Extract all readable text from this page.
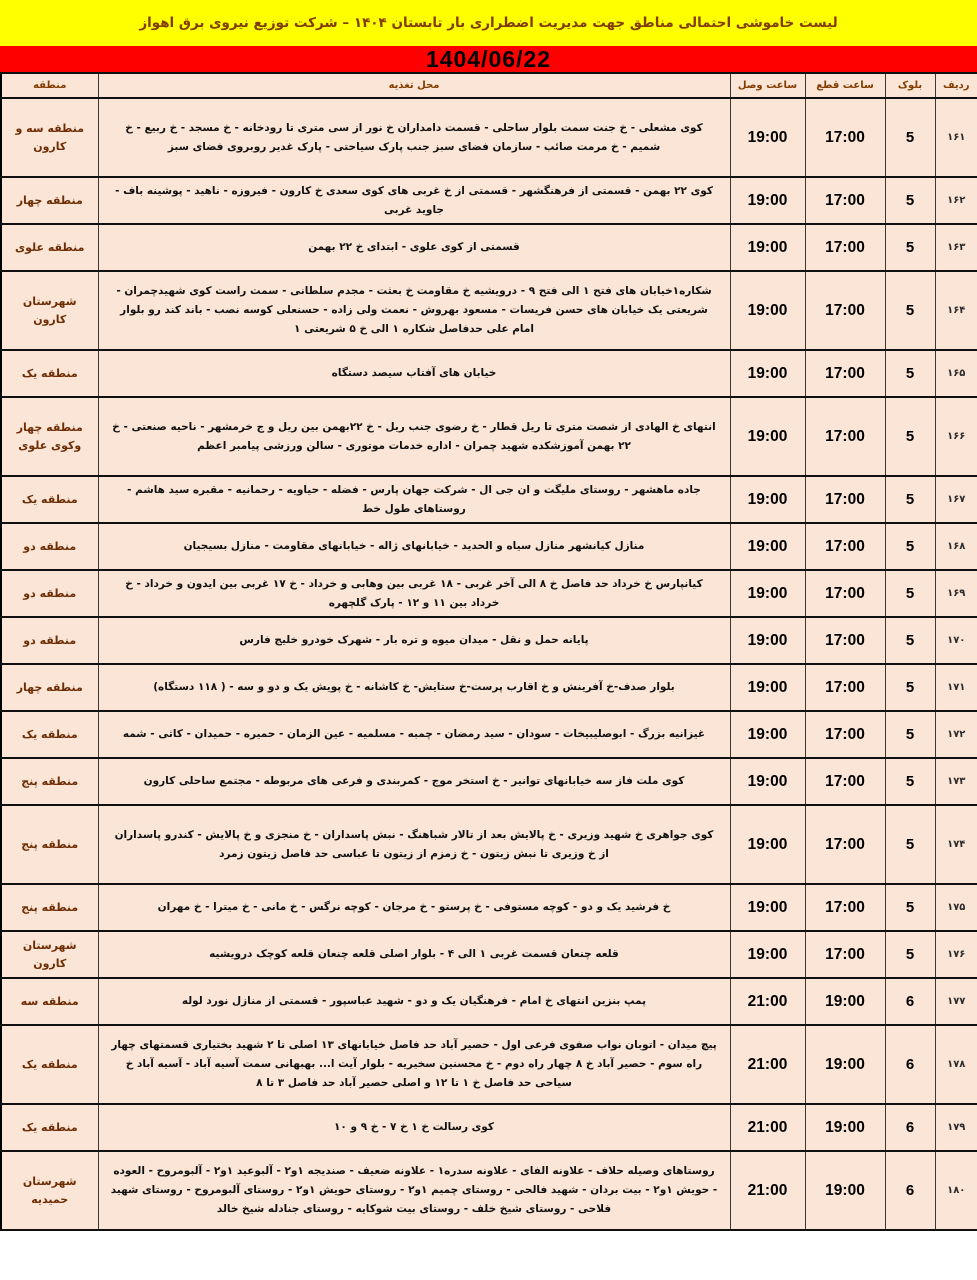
لیست خاموشی احتمالی مناطق جهت مدیریت اضطراری بار تابستان ۱۴۰۴ – شرکت توزیع نیروی برق اهواز
1404/06/22
ردیف	بلوک	ساعت قطع	ساعت وصل	محل تغذیه	منطقه
۱۶۱	5	17:00	19:00	کوی مشعلی - خ جنت سمت بلوار ساحلی - قسمت دامداران خ نور از سی متری تا رودخانه - خ مسجد - خ ربیع - خ شمیم - خ مرمت صائب - سازمان فضای سبز جنب پارک سیاحتی - پارک غدیر روبروی فضای سبز	منطقه سه و کارون
۱۶۲	5	17:00	19:00	کوی ۲۲ بهمن - قسمتی از فرهنگشهر - قسمتی از خ غربی های کوی سعدی خ کارون - فیروزه - ناهید - پوشینه باف - جاوید غربی	منطقه چهار
۱۶۳	5	17:00	19:00	قسمتی از کوی علوی - ابتدای خ ۲۲ بهمن	منطقه علوی
۱۶۴	5	17:00	19:00	شکاره۱خیابان های فتح ۱ الی فتح ۹ - درویشیه خ مقاومت خ بعثت - مجدم سلطانی - سمت راست کوی شهیدچمران - شریعتی یک خیابان های حسن فریسات - مسعود بهروش - نعمت ولی زاده - حسنعلی کوسه نصب - باند کند رو بلوار امام علی حدفاصل شکاره ۱ الی خ ۵ شریعتی ۱	شهرستان کارون
۱۶۵	5	17:00	19:00	خیابان های آفتاب سیصد دستگاه	منطقه یک
۱۶۶	5	17:00	19:00	انتهای خ الهادی از شصت متری تا ریل قطار - خ رضوی جنب ریل - خ ۲۲بهمن بین ریل و ج خرمشهر - ناحیه صنعتی - خ ۲۲ بهمن آموزشکده شهید چمران - اداره خدمات موتوری - سالن ورزشی پیامبر اعظم	منطقه چهار وکوی علوی
۱۶۷	5	17:00	19:00	جاده ماهشهر - روستای ملیگت و ان جی ال - شرکت جهان پارس - فضله - حیاویه - رحمانیه - مقبره سید هاشم - روستاهای طول خط	منطقه یک
۱۶۸	5	17:00	19:00	منازل کیانشهر منازل سیاه و الحدید - خیابانهای ژاله - خیابانهای مقاومت - منازل بسیجیان	منطقه دو
۱۶۹	5	17:00	19:00	کیانپارس خ خرداد حد فاصل خ ۸ الی آخر غربی - ۱۸ غربی بین وهابی و خرداد - خ ۱۷ غربی بین ایدون و خرداد - خ خرداد بین ۱۱ و ۱۲ - پارک گلچهره	منطقه دو
۱۷۰	5	17:00	19:00	پایانه حمل و نقل - میدان میوه و تره بار - شهرک خودرو خلیج فارس	منطقه دو
۱۷۱	5	17:00	19:00	بلوار صدف-خ آفرینش و خ اقارب پرست-خ ستایش- خ کاشانه - خ پویش یک و دو و سه - ( ۱۱۸ دستگاه)	منطقه چهار
۱۷۲	5	17:00	19:00	غیزانیه بزرگ - ابوصلیبیخات - سودان - سید رمضان - چمبه - مسلمیه - عین الزمان - حمیره - حمیدان - کاثی - شمه	منطقه یک
۱۷۳	5	17:00	19:00	کوی ملت فاز سه خیابانهای توانیر - خ استخر موج - کمربندی و فرعی های مربوطه - مجتمع ساحلی کارون	منطقه پنج
۱۷۴	5	17:00	19:00	کوی جواهری خ شهید وزیری - خ پالایش بعد از تالار شباهنگ - نبش پاسداران - خ منجزی و خ پالایش - کندرو پاسداران از خ وزیری تا نبش زیتون - خ زمزم از زیتون تا عباسی حد فاصل زیتون زمرد	منطقه پنج
۱۷۵	5	17:00	19:00	خ فرشید یک و دو - کوچه مستوفی - خ پرستو - خ مرجان - کوچه نرگس - خ مانی - خ میترا - خ مهران	منطقه پنج
۱۷۶	5	17:00	19:00	قلعه چنعان قسمت غربی ۱ الی ۴ - بلوار اصلی قلعه چنعان قلعه کوچک درویشیه	شهرستان کارون
۱۷۷	6	19:00	21:00	پمپ بنزین انتهای خ امام - فرهنگیان یک و دو - شهید عباسپور - قسمتی از منازل نورد لوله	منطقه سه
۱۷۸	6	19:00	21:00	پیچ میدان - اتوبان نواب صفوی فرعی اول - حصیر آباد حد فاصل خیابانهای ۱۳ اصلی تا ۲ شهید بختیاری قسمتهای چهار راه سوم - حصیر آباد خ ۸ چهار راه دوم - خ محسنین سخیریه - بلوار آیت ا... بهبهانی سمت آسیه آباد - آسیه آباد خ سیاحی حد فاصل خ ۱ تا ۱۲ و اصلی حصیر آباد حد فاصل ۳ تا ۸	منطقه یک
۱۷۹	6	19:00	21:00	کوی رسالت خ ۱ خ ۷ - خ ۹ و ۱۰	منطقه یک
۱۸۰	6	19:00	21:00	روستاهای وصیله حلاف - علاونه الفای - علاونه سدره۱ - علاونه ضعیف - صندیجه ۱و۲ - آلبوعید ۱و۲ - آلبومروح - العوده - حویش ۱و۲ - بیت بردان - شهید فالحی - روستای چمیم ۱و۲ - روستای حویش ۱و۲ - روستای آلبومروح - روستای شهید فلاحی - روستای شیخ خلف - روستای بیت شوکایه - روستای جنادله شیخ خالد	شهرستان حمیدیه
